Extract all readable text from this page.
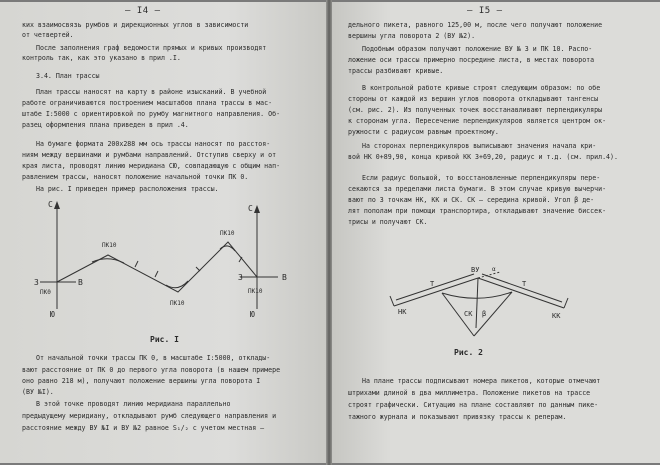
– I4 –
ких взаимосвязь румбов и дирекционных углов в зависимости
от четвертей.
После заполнения граф ведомости прямых и кривых производят
контроль так, как это указано в прил .I.
3.4. План трассы
План трассы наносят на карту в районе изысканий. В учебной
работе ограничиваются построением масштабов плана трассы в мас-
штабе I:5000 с ориентировкой по румбу магнитного направления. Об-
разец оформления плана приведен в прил .4.
На бумаге формата 200х288 мм ось трассы наносят по расстоя-
ниям между вершинами и румбами направлений. Отступив сверху и от
края листа, проводят линию меридиана СЮ, совпадающую с общим нап-
равлением трассы, наносят положение начальной точки ПК 0.
На рис. I приведен пример расположения трассы.
С	С
З	В
З	В
Ю	Ю
ПК0
ПК10
ПК10
ПК10
ПК10
Рис. I
От начальной точки трассы ПК 0, в масштабе I:5000, отклады-
вают расстояние от ПК 0 до первого угла поворота (в нашем примере
оно равно 218 м), получают положение вершины угла поворота I
(ВУ №I).
В этой точке проводят линию меридиана параллельно
предыдущему меридиану, откладывают румб следующего направления и
расстояние между ВУ №I и ВУ №2 равное S₁/₂ с учетом местная –
– I5 –
дельного пикета, равного 125,00 м, после чего получают положение
вершины угла поворота 2 (ВУ №2).
Подобным образом получают положение ВУ № 3 и ПК 10. Распо-
ложение оси трассы примерно посредине листа, в местах поворота
трассы разбивают кривые.
В контрольной работе кривые строят следующим образом: по обе
стороны от каждой из вершин углов поворота откладывают тангенсы
(см. рис. 2). Из полученных точек восстанавливают перпендикуляры
к сторонам угла. Пересечение перпендикуляров является центром ок-
ружности с радиусом равным проектному.
На сторонах перпендикуляров выписывают значения начала кри-
вой НК 0+89,90, конца кривой КК 3+69,20, радиус и т.д. (см. прил.4).
Если радиус большой, то восстановленные перпендикуляры пере-
секаются за пределами листа бумаги. В этом случае кривую вычерчи-
вают по 3 точкам НК, КК и СК. СК – середина кривой. Угол β де-
лят пополам при помощи транспортира, откладывают значение биссек-
трисы и получают СК.
ВУ α
Т	Т
НК	КК
СК β
Рис. 2
На плане трассы подписывают номера пикетов, которые отмечают
штрихами длиной в два миллиметра. Положение пикетов на трассе
строят графически. Ситуацию на плане составляют по данным пике-
тажного журнала и показывают привязку трассы к реперам.
